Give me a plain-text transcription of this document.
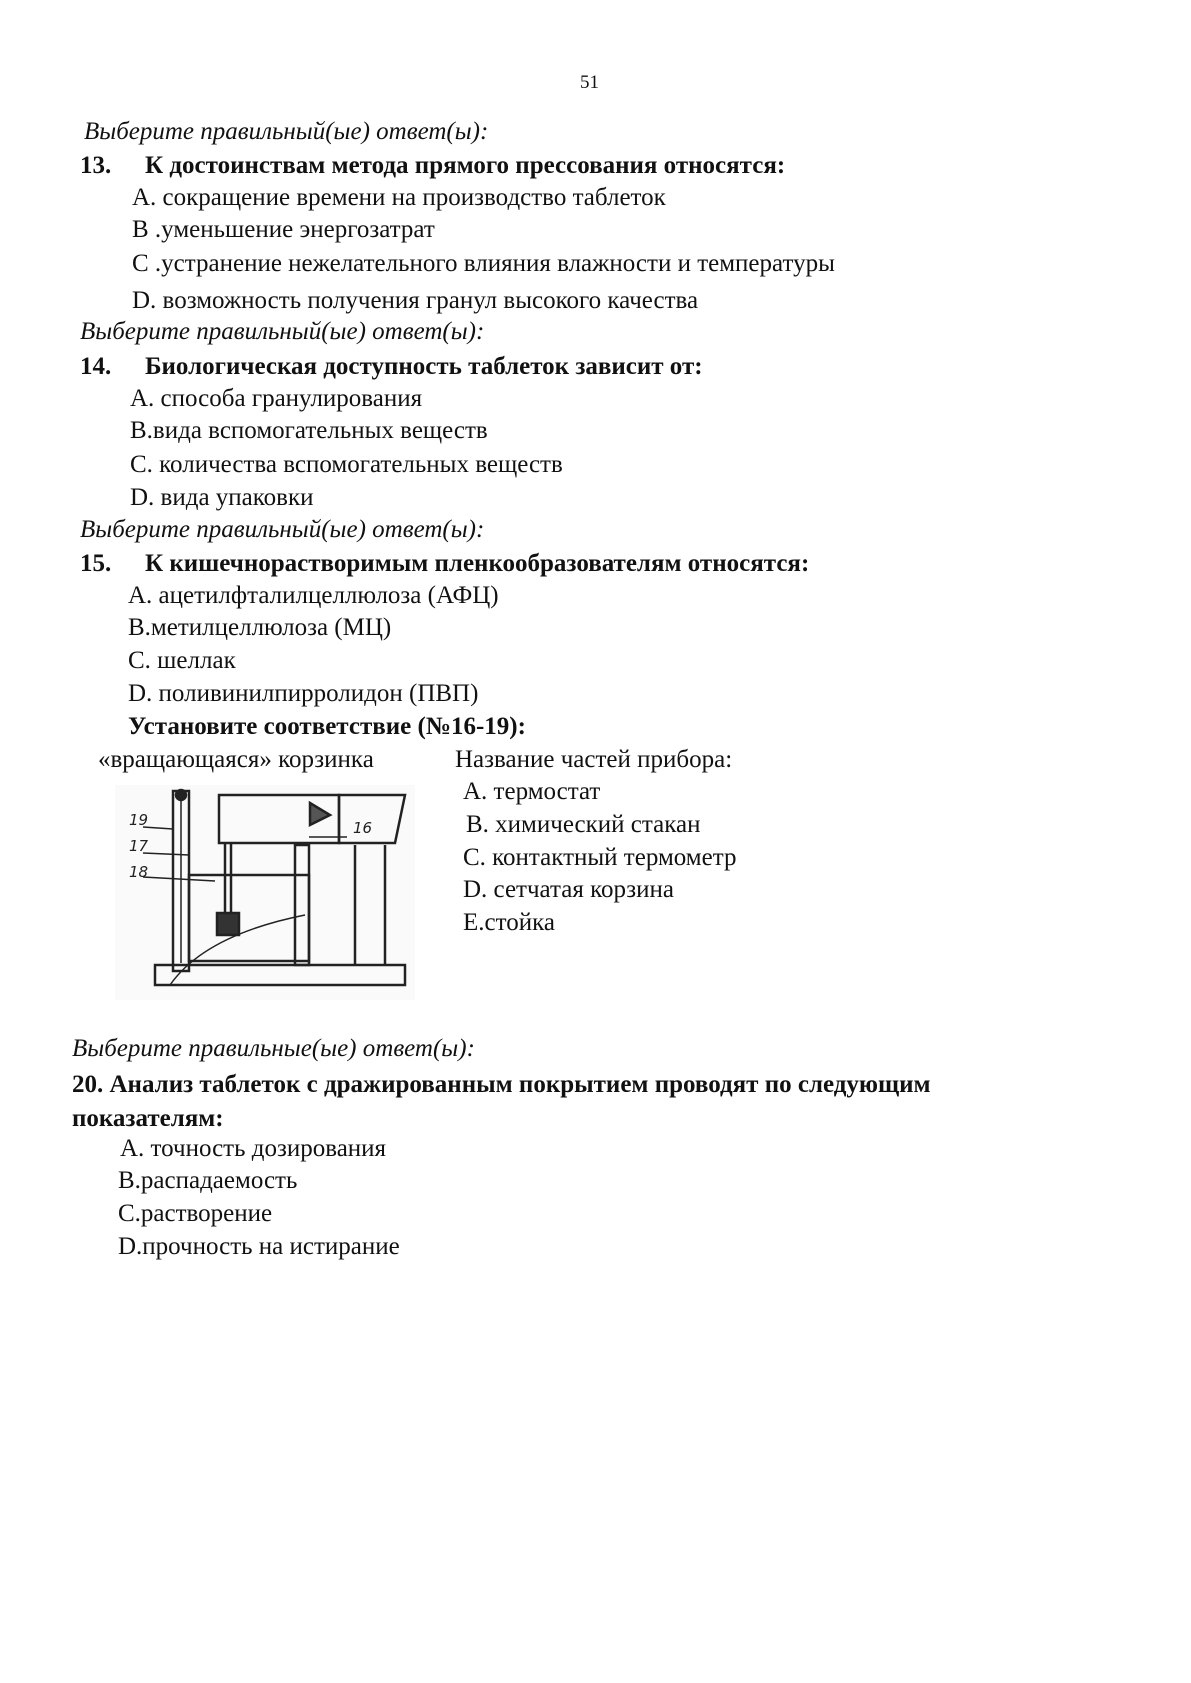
51
Выберите правильный(ые) ответ(ы):
13. К достоинствам метода прямого прессования относятся:
A. сокращение времени на производство таблеток
B .уменьшение энергозатрат
C .устранение нежелательного влияния влажности и температуры
D. возможность получения гранул высокого качества
Выберите правильный(ые) ответ(ы):
14. Биологическая доступность таблеток зависит от:
A. способа гранулирования
B.вида вспомогательных веществ
C. количества вспомогательных веществ
D. вида упаковки
Выберите правильный(ые) ответ(ы):
15. К кишечнорастворимым пленкообразователям относятся:
A. ацетилфталилцеллюлоза (АФЦ)
B.метилцеллюлоза (МЦ)
C. шеллак
D. поливинилпирролидон (ПВП)
Установите соответствие (№16-19):
«вращающаяся» корзинка	Название частей прибора:
A. термостат
B. химический стакан
C. контактный термометр
D. сетчатая корзина
E.стойка
19
17
18
16
Выберите правильные(ые) ответ(ы):
20. Анализ таблеток с дражированным покрытием проводят по следующим показателям:
A. точность дозирования
B.распадаемость
C.растворение
D.прочность на истирание
